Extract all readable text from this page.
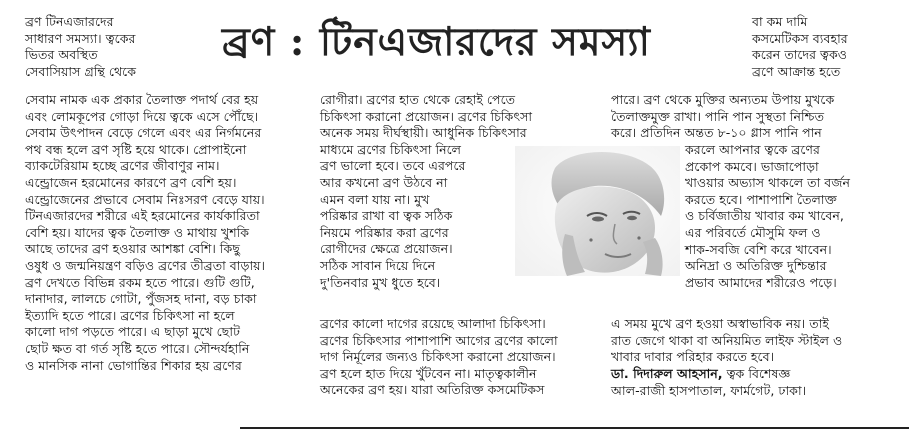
ব্রণ : টিনএজারদের সমস্যা
ব্রণ টিনএজারদের
সাধারণ সমস্যা। ত্বকের
ভিতর অবস্থিত
সেবাসিয়াস গ্রন্থি থেকে
বা কম দামি
কসমেটিকস ব্যবহার
করেন তাদের ত্বকও
ব্রণে আক্রান্ত হতে
সেবাম নামক এক প্রকার তৈলাক্ত পদার্থ বের হয়
এবং লোমকূপের গোড়া দিয়ে ত্বকে এসে পৌঁছে।
সেবাম উৎপাদন বেড়ে গেলে এবং এর নির্গমনের
পথ বন্ধ হলে ব্রণ সৃষ্টি হয়ে থাকে। প্রোপাইনো
ব্যাকটেরিয়াম হচ্ছে ব্রণের জীবাণুর নাম।
এন্ড্রোজেন হরমোনের কারণে ব্রণ বেশি হয়।
এন্ড্রোজেনের প্রভাবে সেবাম নিঃসরণ বেড়ে যায়।
টিনএজারদের শরীরে এই হরমোনের কার্যকারিতা
বেশি হয়। যাদের ত্বক তৈলাক্ত ও মাথায় খুশকি
আছে তাদের ব্রণ হওয়ার আশঙ্কা বেশি। কিছু
ওষুধ ও জন্মনিয়ন্ত্রণ বড়িও ব্রণের তীব্রতা বাড়ায়।
ব্রণ দেখতে বিভিন্ন রকম হতে পারে। গুটি গুটি,
দানাদার, লালচে গোটা, পুঁজসহ দানা, বড় চাকা
ইত্যাদি হতে পারে। ব্রণের চিকিৎসা না হলে
কালো দাগ পড়তে পারে। এ ছাড়া মুখে ছোট
ছোট ক্ষত বা গর্ত সৃষ্টি হতে পারে। সৌন্দর্যহানি
ও মানসিক নানা ভোগান্তির শিকার হয় ব্রণের
রোগীরা। ব্রণের হাত থেকে রেহাই পেতে
চিকিৎসা করানো প্রয়োজন। ব্রণের চিকিৎসা
অনেক সময় দীর্ঘস্থায়ী। আধুনিক চিকিৎসার
মাধ্যমে ব্রণের চিকিৎসা নিলে
ব্রণ ভালো হবে। তবে এরপরে
আর কখনো ব্রণ উঠবে না
এমন বলা যায় না। মুখ
পরিষ্কার রাখা বা ত্বক সঠিক
নিয়মে পরিষ্কার করা ব্রণের
রোগীদের ক্ষেত্রে প্রয়োজন।
সঠিক সাবান দিয়ে দিনে
দু'তিনবার মুখ ধুতে হবে।
ব্রণের কালো দাগের রয়েছে আলাদা চিকিৎসা।
ব্রণের চিকিৎসার পাশাপাশি আগের ব্রণের কালো
দাগ নির্মূলের জন্যও চিকিৎসা করানো প্রয়োজন।
ব্রণ হলে হাত দিয়ে খুঁটবেন না। মাতৃত্বকালীন
অনেকের ব্রণ হয়। যারা অতিরিক্ত কসমেটিকস
পারে। ব্রণ থেকে মুক্তির অন্যতম উপায় মুখকে
তৈলাক্তমুক্ত রাখা। পানি পান সুস্থতা নিশ্চিত
করে। প্রতিদিন অন্তত ৮-১০ গ্লাস পানি পান
করলে আপনার ত্বকে ব্রণের
প্রকোপ কমবে। ভাজাপোড়া
খাওয়ার অভ্যাস থাকলে তা বর্জন
করতে হবে। পাশাপাশি তৈলাক্ত
ও চর্বিজাতীয় খাবার কম খাবেন,
এর পরিবর্তে মৌসুমি ফল ও
শাক-সবজি বেশি করে খাবেন।
অনিদ্রা ও অতিরিক্ত দুশ্চিন্তার
প্রভাব আমাদের শরীরেও পড়ে।
এ সময় মুখে ব্রণ হওয়া অস্বাভাবিক নয়। তাই
রাত জেগে থাকা বা অনিয়মিত লাইফ স্টাইল ও
খাবার দাবার পরিহার করতে হবে।
ডা. দিদারুল আহসান, ত্বক বিশেষজ্ঞ
আল-রাজী হাসপাতাল, ফার্মগেট, ঢাকা।
